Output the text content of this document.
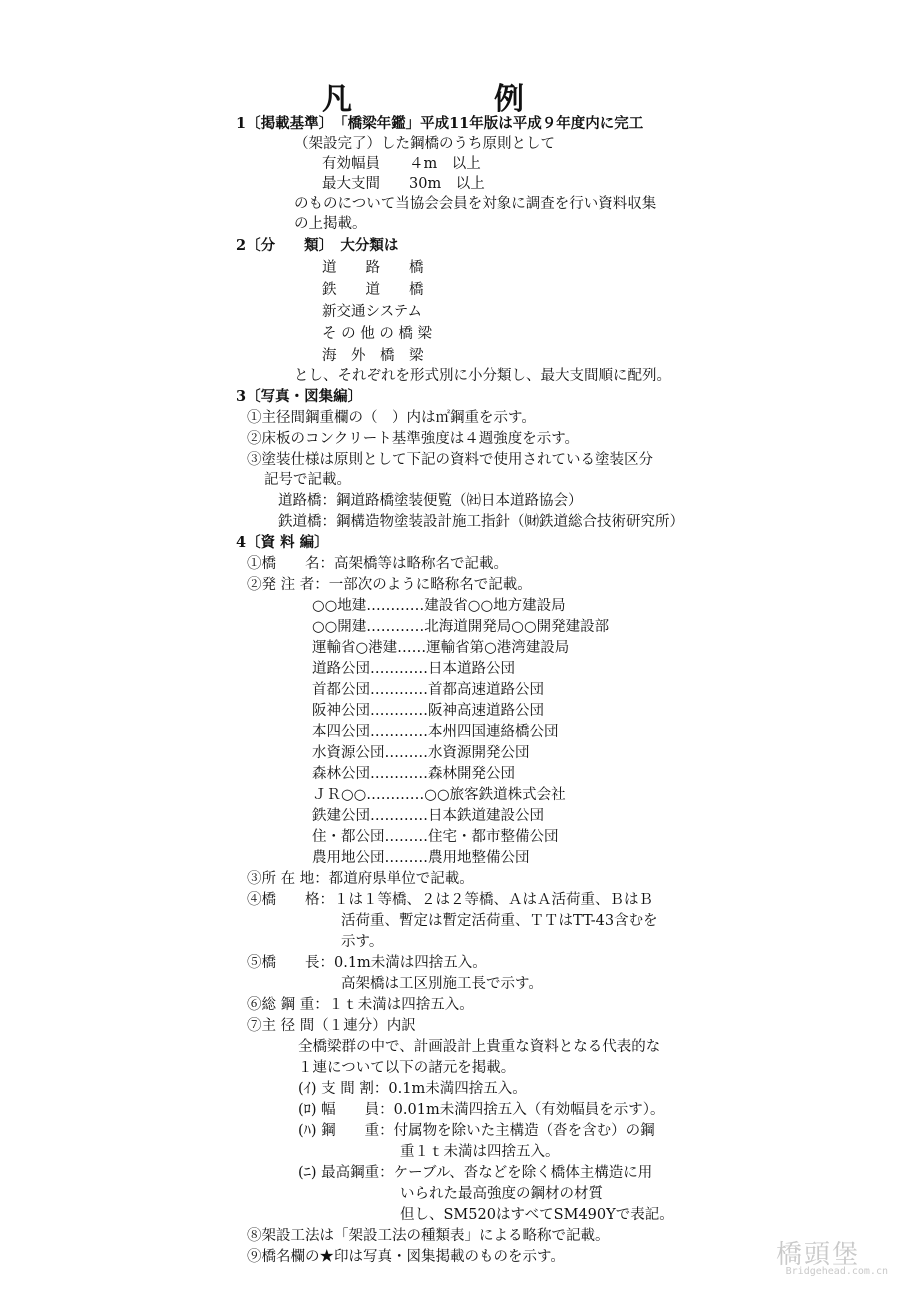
凡　例
1〔掲載基準〕　「橋梁年鑑」平成11年版は平成９年度内に完工
（架設完了）した鋼橋のうち原則として
有効幅員　　４m　以上
最大支間　　30m　以上
のものについて当協会会員を対象に調査を行い資料収集
の上掲載。
2〔分　　類〕　大分類は
道　　路　　橋
鉄　　道　　橋
新交通システム
そ の 他 の 橋 梁
海　外　橋　梁
とし、それぞれを形式別に小分類し、最大支間順に配列。
3〔写真・図集編〕
①主径間鋼重欄の（　）内は㎡鋼重を示す。
②床板のコンクリート基準強度は４週強度を示す。
③塗装仕様は原則として下記の資料で使用されている塗装区分
記号で記載。
道路橋：鋼道路橋塗装便覧（㈳日本道路協会）
鉄道橋：鋼構造物塗装設計施工指針（㈶鉄道総合技術研究所）
4〔資 料 編〕
①橋　　名：高架橋等は略称名で記載。
②発 注 者：一部次のように略称名で記載。
○○地建…………建設省○○地方建設局
○○開建…………北海道開発局○○開発建設部
運輸省○港建……運輸省第○港湾建設局
道路公団…………日本道路公団
首都公団…………首都高速道路公団
阪神公団…………阪神高速道路公団
本四公団…………本州四国連絡橋公団
水資源公団………水資源開発公団
森林公団…………森林開発公団
ＪＲ○○…………○○旅客鉄道株式会社
鉄建公団…………日本鉄道建設公団
住・都公団………住宅・都市整備公団
農用地公団………農用地整備公団
③所 在 地：都道府県単位で記載。
④橋　　格：１は１等橋、２は２等橋、ＡはＡ活荷重、ＢはＢ
活荷重、暫定は暫定活荷重、ＴＴはTT-43含むを
示す。
⑤橋　　長：0.1m未満は四捨五入。
高架橋は工区別施工長で示す。
⑥総 鋼 重：１ｔ未満は四捨五入。
⑦主 径 間（１連分）内訳
全橋梁群の中で、計画設計上貴重な資料となる代表的な
１連について以下の諸元を掲載。
(ｲ) 支 間 割：0.1m未満四捨五入。
(ﾛ) 幅　　員：0.01m未満四捨五入（有効幅員を示す）。
(ﾊ) 鋼　　重：付属物を除いた主構造（沓を含む）の鋼
重１ｔ未満は四捨五入。
(ﾆ) 最高鋼重：ケーブル、沓などを除く橋体主構造に用
いられた最高強度の鋼材の材質
但し、SM520はすべてSM490Yで表記。
⑧架設工法は「架設工法の種類表」による略称で記載。
⑨橋名欄の★印は写真・図集掲載のものを示す。	橋頭堡
Bridgehead.com.cn
